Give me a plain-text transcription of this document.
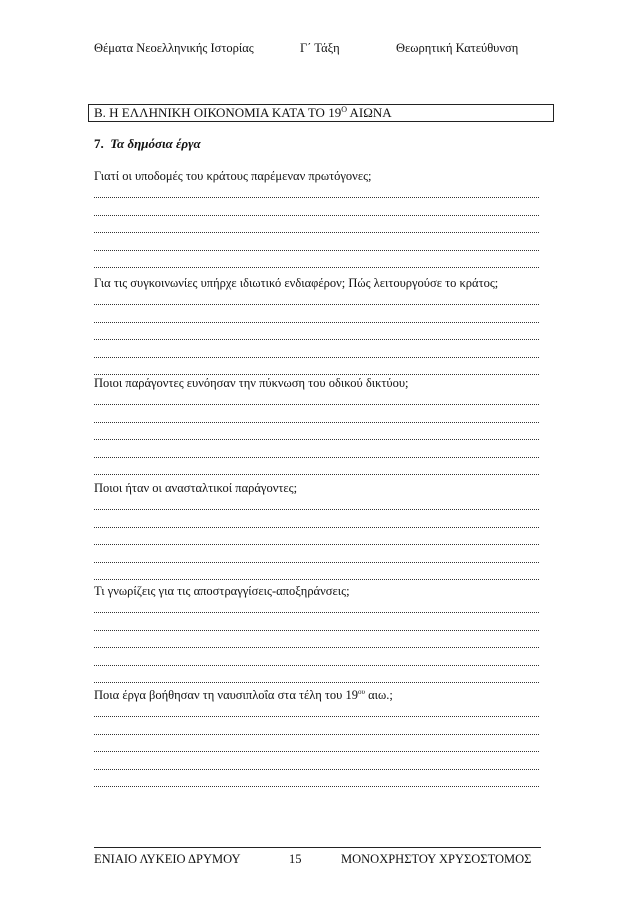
Θέματα Νεοελληνικής Ιστορίας	Γ΄ Τάξη	Θεωρητική Κατεύθυνση
Β. Η ΕΛΛΗΝΙΚΗ ΟΙΚΟΝΟΜΙΑ ΚΑΤΑ ΤΟ $19^O$ ΑΙΩΝΑ
7. Τα δημόσια έργα

Γιατί οι υποδομές του κράτους παρέμεναν πρωτόγονες;

Για τις συγκοινωνίες υπήρχε ιδιωτικό ενδιαφέρον; Πώς λειτουργούσε το κράτος;

Ποιοι παράγοντες ευνόησαν την πύκνωση του οδικού δικτύου;

Ποιοι ήταν οι ανασταλτικοί παράγοντες;

Τι γνωρίζεις για τις αποστραγγίσεις-αποξηράνσεις;

Ποια έργα βοήθησαν τη ναυσιπλοΐα στα τέλη του $19^{o\upsilon}$ αιω.;

ΕΝΙΑΙΟ ΛΥΚΕΙΟ ΔΡΥΜΟΥ	15	ΜΟΝΟΧΡΗΣΤΟΥ ΧΡΥΣΟΣΤΟΜΟΣ
